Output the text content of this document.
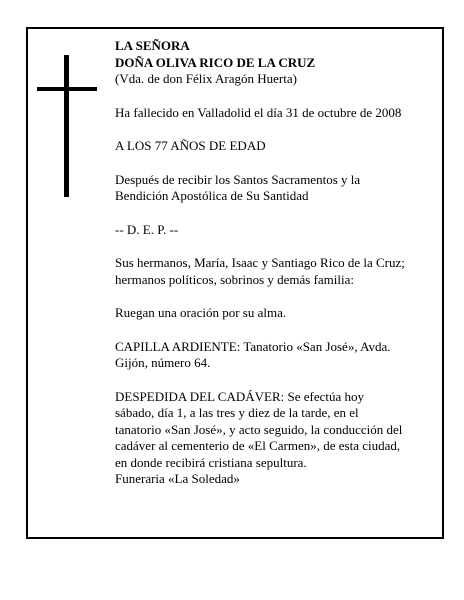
LA SEÑORA

DOÑA OLIVA RICO DE LA CRUZ

(Vda. de don Félix Aragón Huerta)

Ha fallecido en Valladolid el día 31 de octubre de 2008

A LOS 77 AÑOS DE EDAD

Después de recibir los Santos Sacramentos y la

Bendición Apostólica de Su Santidad

-- D. E. P. --

Sus hermanos, María, Isaac y Santiago Rico de la Cruz;

hermanos políticos, sobrinos y demás familia:

Ruegan una oración por su alma.

CAPILLA ARDIENTE: Tanatorio «San José», Avda.

Gijón, número 64.

DESPEDIDA DEL CADÁVER: Se efectúa hoy

sábado, día 1, a las tres y diez de la tarde, en el

tanatorio «San José», y acto seguido, la conducción del

cadáver al cementerio de «El Carmen», de esta ciudad,

en donde recibirá cristiana sepultura.

Funeraria «La Soledad»
